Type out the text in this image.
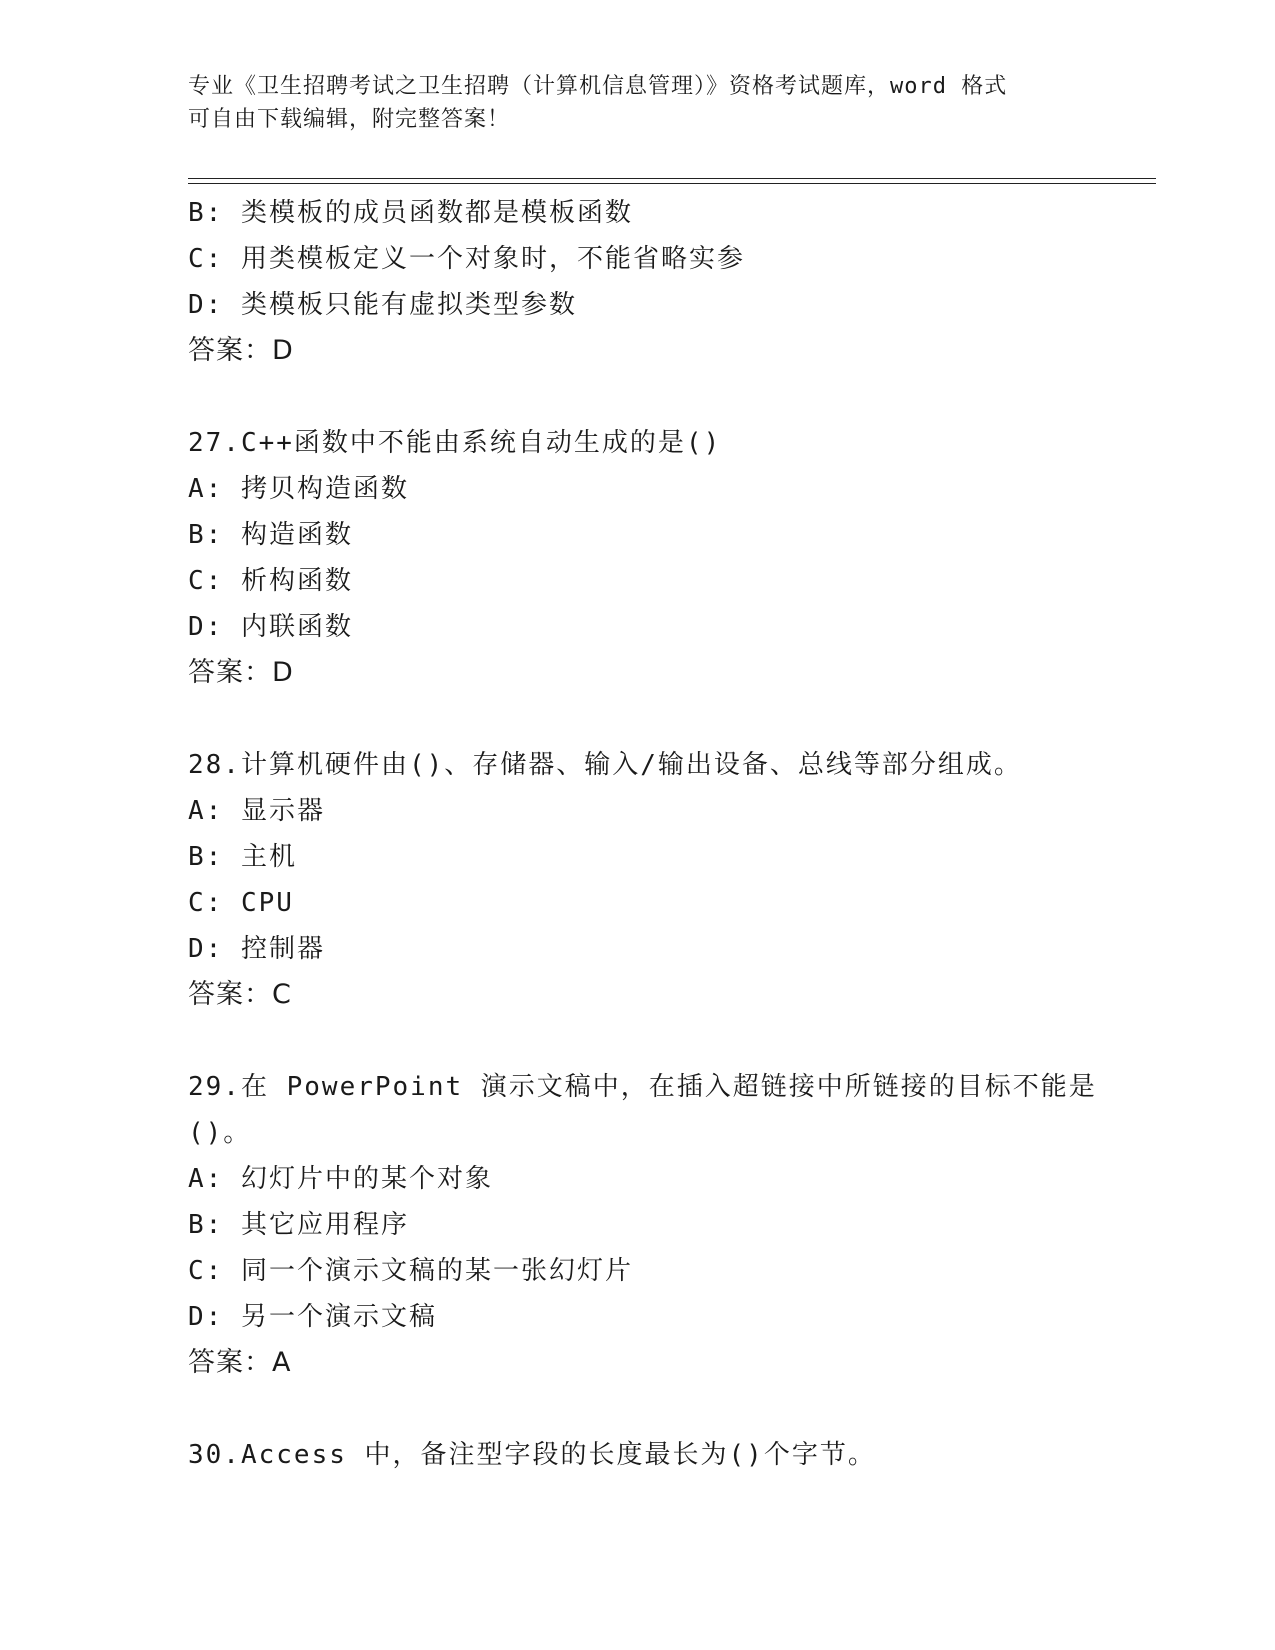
专业《卫生招聘考试之卫生招聘（计算机信息管理）》资格考试题库，word 格式
可自由下载编辑，附完整答案！
B: 类模板的成员函数都是模板函数
C: 用类模板定义一个对象时，不能省略实参
D: 类模板只能有虚拟类型参数
答案：D
27.C++函数中不能由系统自动生成的是()
A: 拷贝构造函数
B: 构造函数
C: 析构函数
D: 内联函数
答案：D
28.计算机硬件由()、存储器、输入/输出设备、总线等部分组成。
A: 显示器
B: 主机
C: CPU
D: 控制器
答案：C
29.在 PowerPoint 演示文稿中，在插入超链接中所链接的目标不能是
()。
A: 幻灯片中的某个对象
B: 其它应用程序
C: 同一个演示文稿的某一张幻灯片
D: 另一个演示文稿
答案：A
30.Access 中，备注型字段的长度最长为()个字节。
